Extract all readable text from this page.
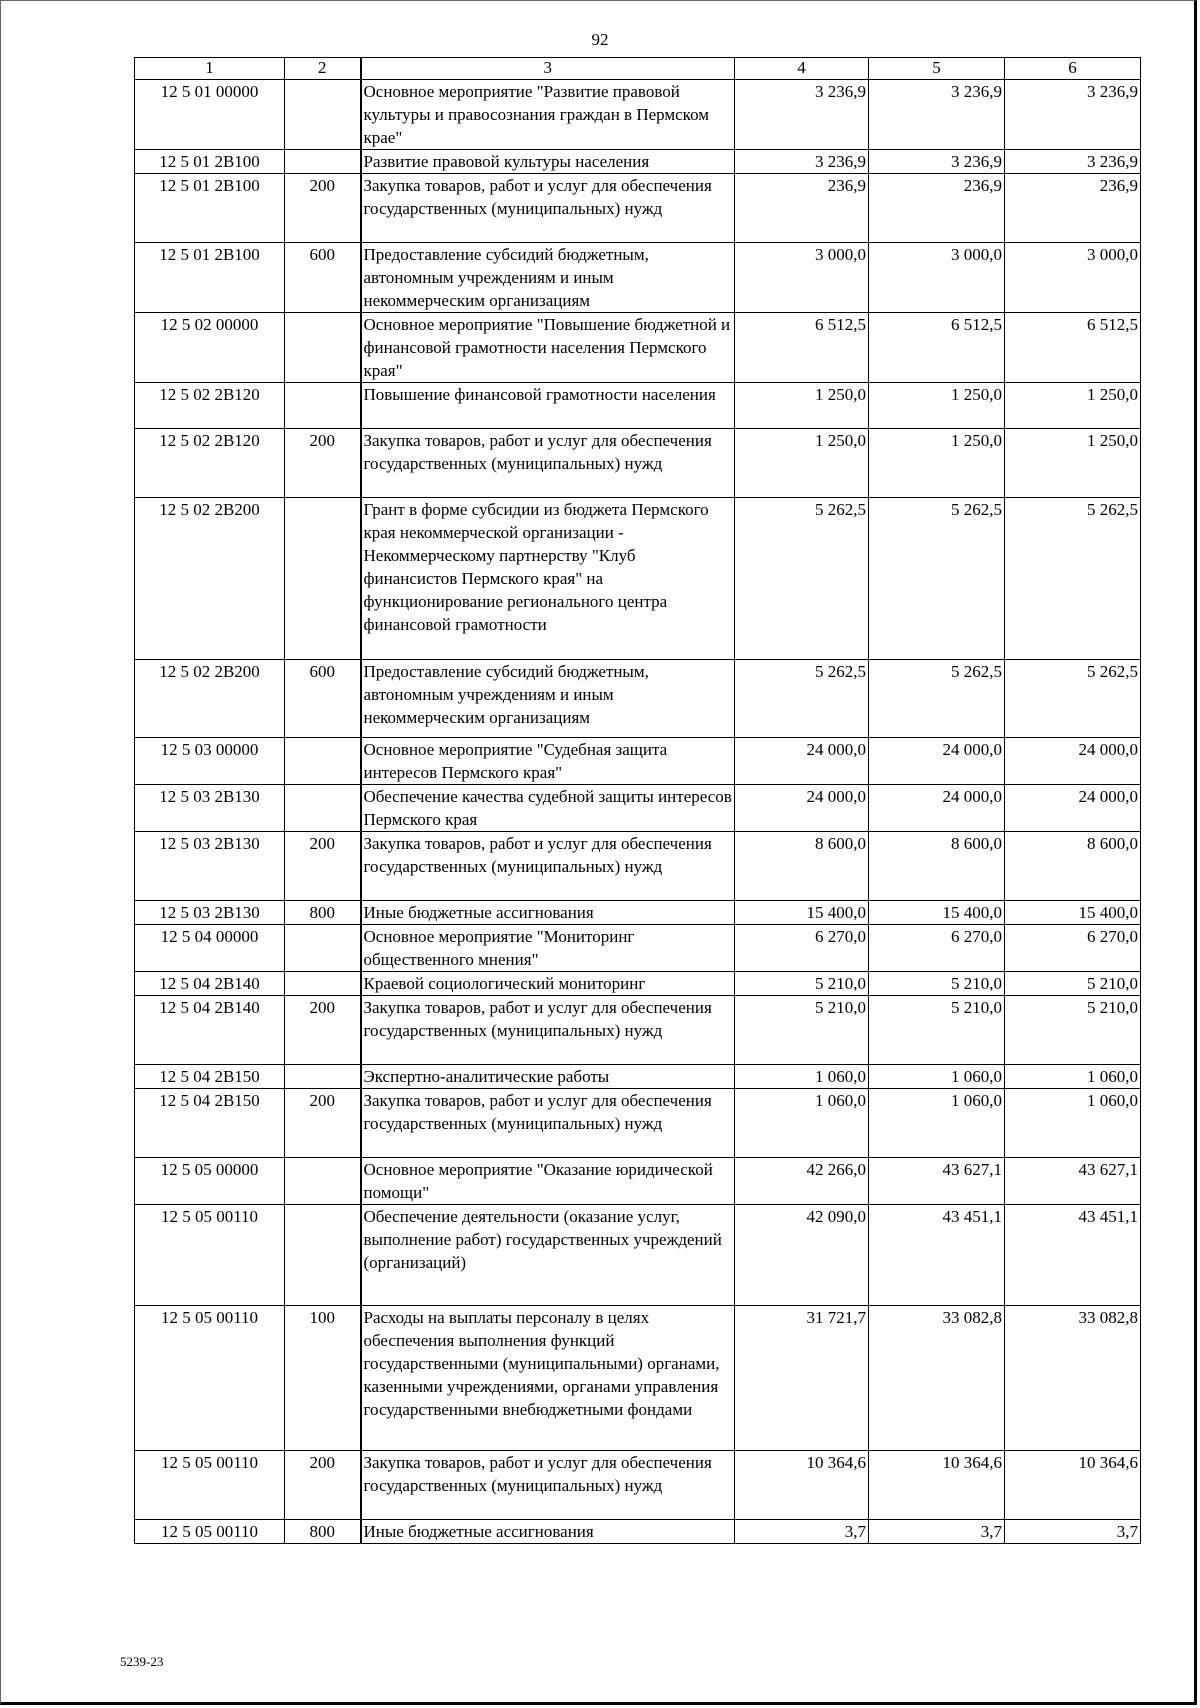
92
1	2	3	4	5	6
12 5 01 00000		Основное мероприятие "Развитие правовой культуры и правосознания граждан в Пермском крае"	3 236,9	3 236,9	3 236,9
12 5 01 2В100		Развитие правовой культуры населения	3 236,9	3 236,9	3 236,9
12 5 01 2В100	200	Закупка товаров, работ и услуг для обеспечения государственных (муниципальных) нужд	236,9	236,9	236,9
12 5 01 2В100	600	Предоставление субсидий бюджетным, автономным учреждениям и иным некоммерческим организациям	3 000,0	3 000,0	3 000,0
12 5 02 00000		Основное мероприятие "Повышение бюджетной и финансовой грамотности населения Пермского края"	6 512,5	6 512,5	6 512,5
12 5 02 2В120		Повышение финансовой грамотности населения	1 250,0	1 250,0	1 250,0
12 5 02 2В120	200	Закупка товаров, работ и услуг для обеспечения государственных (муниципальных) нужд	1 250,0	1 250,0	1 250,0
12 5 02 2В200		Грант в форме субсидии из бюджета Пермского края некоммерческой организации - Некоммерческому партнерству "Клуб финансистов Пермского края" на функционирование регионального центра финансовой грамотности	5 262,5	5 262,5	5 262,5
12 5 02 2В200	600	Предоставление субсидий бюджетным, автономным учреждениям и иным некоммерческим организациям	5 262,5	5 262,5	5 262,5
12 5 03 00000		Основное мероприятие "Судебная защита интересов Пермского края"	24 000,0	24 000,0	24 000,0
12 5 03 2В130		Обеспечение качества судебной защиты интересов Пермского края	24 000,0	24 000,0	24 000,0
12 5 03 2В130	200	Закупка товаров, работ и услуг для обеспечения государственных (муниципальных) нужд	8 600,0	8 600,0	8 600,0
12 5 03 2В130	800	Иные бюджетные ассигнования	15 400,0	15 400,0	15 400,0
12 5 04 00000		Основное мероприятие "Мониторинг общественного мнения"	6 270,0	6 270,0	6 270,0
12 5 04 2В140		Краевой социологический мониторинг	5 210,0	5 210,0	5 210,0
12 5 04 2В140	200	Закупка товаров, работ и услуг для обеспечения государственных (муниципальных) нужд	5 210,0	5 210,0	5 210,0
12 5 04 2В150		Экспертно-аналитические работы	1 060,0	1 060,0	1 060,0
12 5 04 2В150	200	Закупка товаров, работ и услуг для обеспечения государственных (муниципальных) нужд	1 060,0	1 060,0	1 060,0
12 5 05 00000		Основное мероприятие "Оказание юридической помощи"	42 266,0	43 627,1	43 627,1
12 5 05 00110		Обеспечение деятельности (оказание услуг, выполнение работ) государственных учреждений (организаций)	42 090,0	43 451,1	43 451,1
12 5 05 00110	100	Расходы на выплаты персоналу в целях обеспечения выполнения функций государственными (муниципальными) органами, казенными учреждениями, органами управления государственными внебюджетными фондами	31 721,7	33 082,8	33 082,8
12 5 05 00110	200	Закупка товаров, работ и услуг для обеспечения государственных (муниципальных) нужд	10 364,6	10 364,6	10 364,6
12 5 05 00110	800	Иные бюджетные ассигнования	3,7	3,7	3,7
5239-23
